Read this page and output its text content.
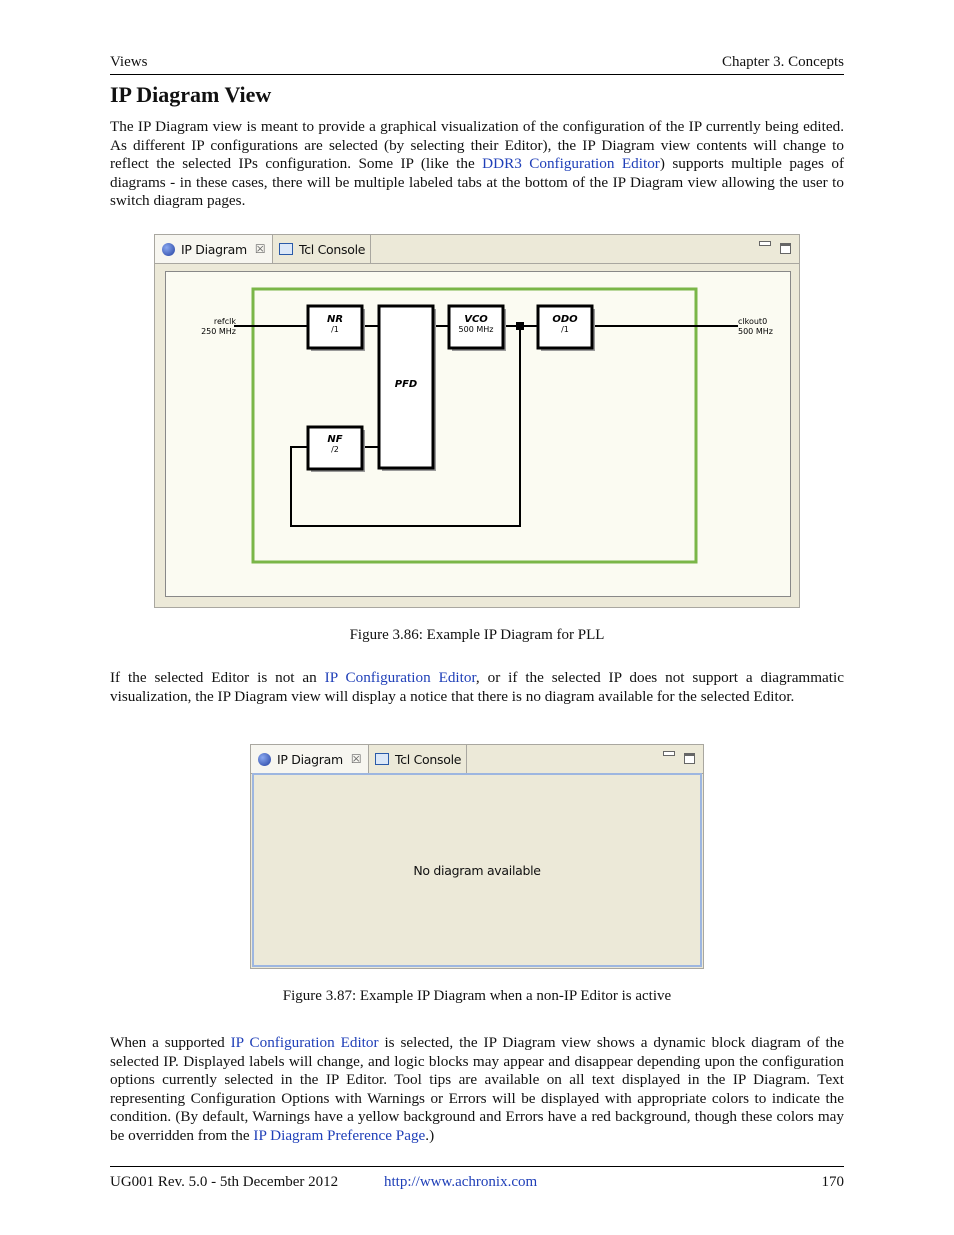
Views	Chapter 3. Concepts
IP Diagram View

The IP Diagram view is meant to provide a graphical visualization of the configuration of the IP currently being edited. As different IP configurations are selected (by selecting their Editor), the IP Diagram view contents will change to reflect the selected IPs configuration. Some IP (like the DDR3 Configuration Editor) supports multiple pages of diagrams - in these cases, there will be multiple labeled tabs at the bottom of the IP Diagram view allowing the user to switch diagram pages.

IP Diagram ☒	Tcl Console
refclk
250 MHz
clkout0
500 MHz
NR
/1
PFD
VCO
500 MHz
ODO
/1
NF
/2
Figure 3.86: Example IP Diagram for PLL

If the selected Editor is not an IP Configuration Editor, or if the selected IP does not support a diagrammatic visualization, the IP Diagram view will display a notice that there is no diagram available for the selected Editor.

IP Diagram ☒	Tcl Console
No diagram available
Figure 3.87: Example IP Diagram when a non-IP Editor is active

When a supported IP Configuration Editor is selected, the IP Diagram view shows a dynamic block diagram of the selected IP. Displayed labels will change, and logic blocks may appear and disappear depending upon the configuration options currently selected in the IP Editor. Tool tips are available on all text displayed in the IP Diagram. Text representing Configuration Options with Warnings or Errors will be displayed with appropriate colors to indicate the condition. (By default, Warnings have a yellow background and Errors have a red background, though these colors may be overridden from the IP Diagram Preference Page.)

UG001 Rev. 5.0 - 5th December 2012	http://www.achronix.com	170
